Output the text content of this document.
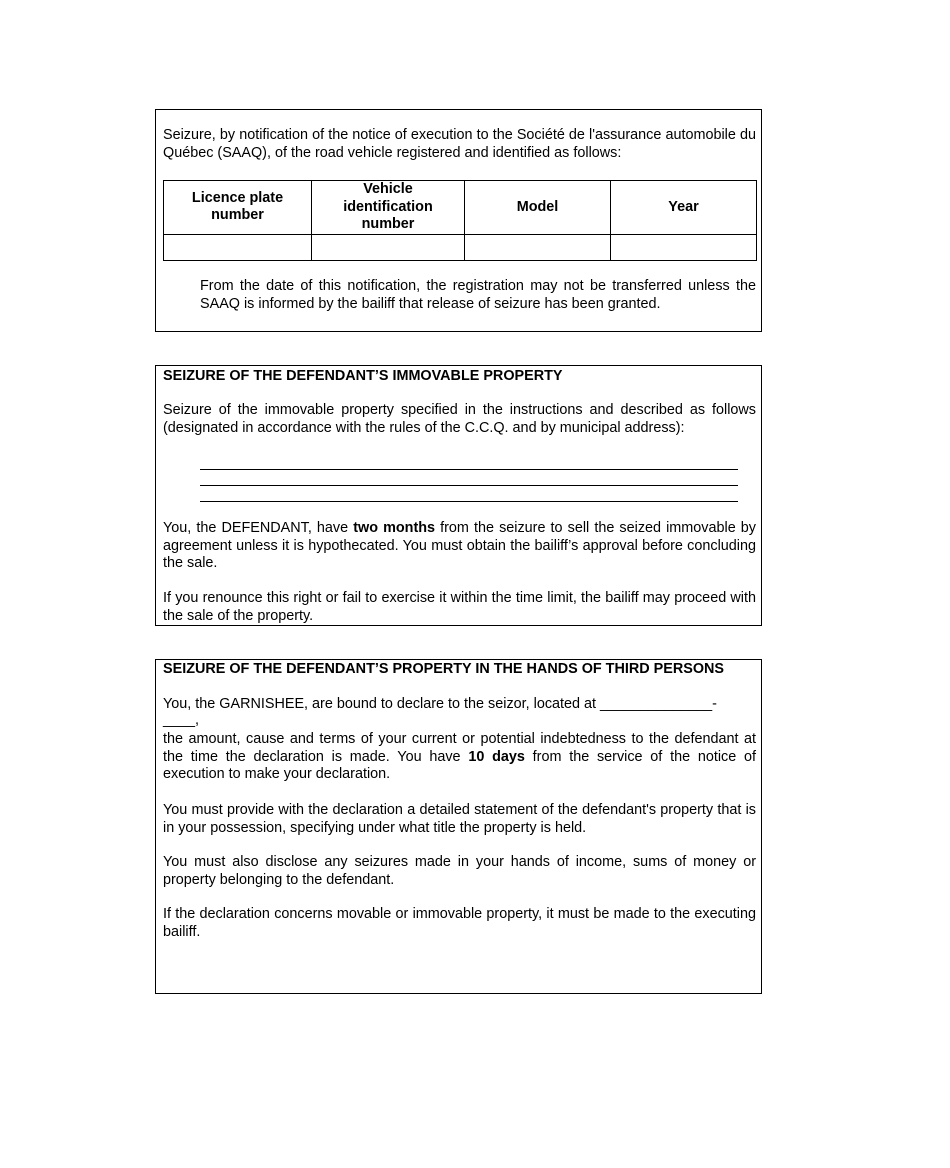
Seizure, by notification of the notice of execution to the Société de l'assurance automobile du Québec (SAAQ), of the road vehicle registered and identified as follows:

Licence plate number	Vehicle identification number	Model	Year

From the date of this notification, the registration may not be transferred unless the SAAQ is informed by the bailiff that release of seizure has been granted.

SEIZURE OF THE DEFENDANT’S IMMOVABLE PROPERTY

Seizure of the immovable property specified in the instructions and described as follows (designated in accordance with the rules of the C.C.Q. and by municipal address):

You, the DEFENDANT, have two months from the seizure to sell the seized immovable by agreement unless it is hypothecated. You must obtain the bailiff’s approval before concluding the sale.

If you renounce this right or fail to exercise it within the time limit, the bailiff may proceed with the sale of the property.

SEIZURE OF THE DEFENDANT’S PROPERTY IN THE HANDS OF THIRD PERSONS

You, the GARNISHEE, are bound to declare to the seizor, located at ______________-

____,

the amount, cause and terms of your current or potential indebtedness to the defendant at the time the declaration is made. You have 10 days from the service of the notice of execution to make your declaration.

You must provide with the declaration a detailed statement of the defendant's property that is in your possession, specifying under what title the property is held.

You must also disclose any seizures made in your hands of income, sums of money or property belonging to the defendant.

If the declaration concerns movable or immovable property, it must be made to the executing bailiff.
